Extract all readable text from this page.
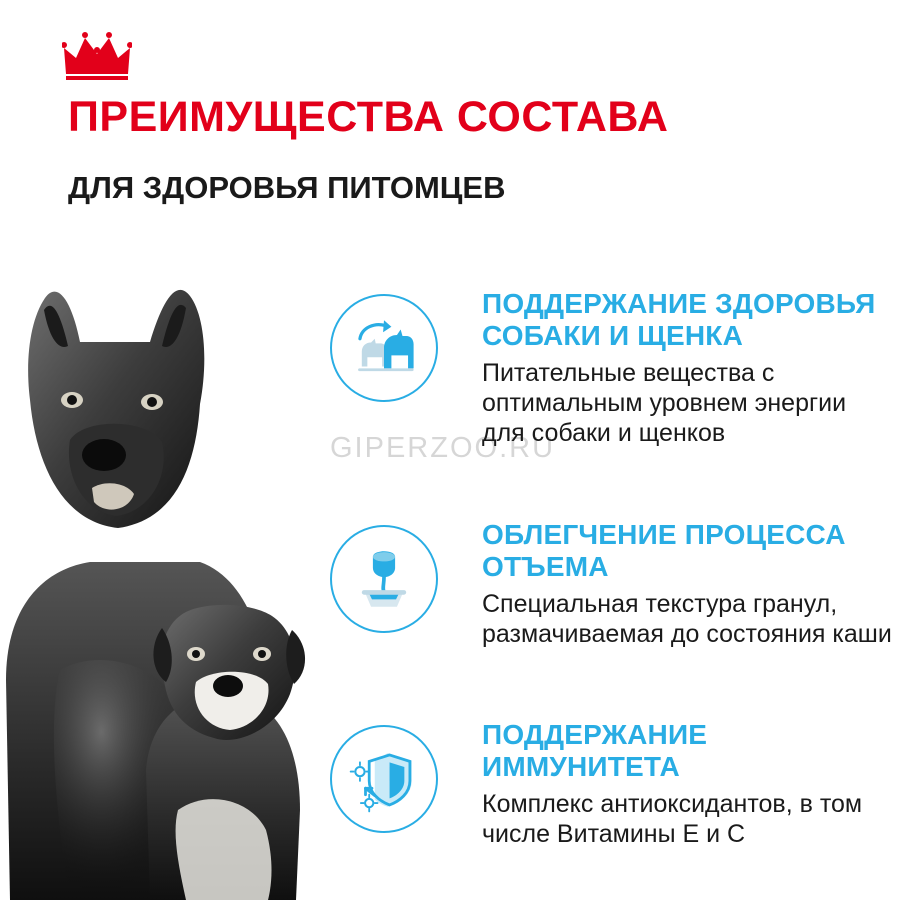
ПРЕИМУЩЕСТВА СОСТАВА
ДЛЯ ЗДОРОВЬЯ ПИТОМЦЕВ
GIPERZOO.RU
ПОДДЕРЖАНИЕ ЗДОРОВЬЯ СОБАКИ И ЩЕНКА
Питательные вещества с оптимальным уровнем энергии для собаки и щенков
ОБЛЕГЧЕНИЕ ПРОЦЕССА ОТЪЕМА
Специальная текстура гранул, размачиваемая до состояния каши
ПОДДЕРЖАНИЕ ИММУНИТЕТА
Комплекс антиоксидантов, в том числе Витамины E и C
